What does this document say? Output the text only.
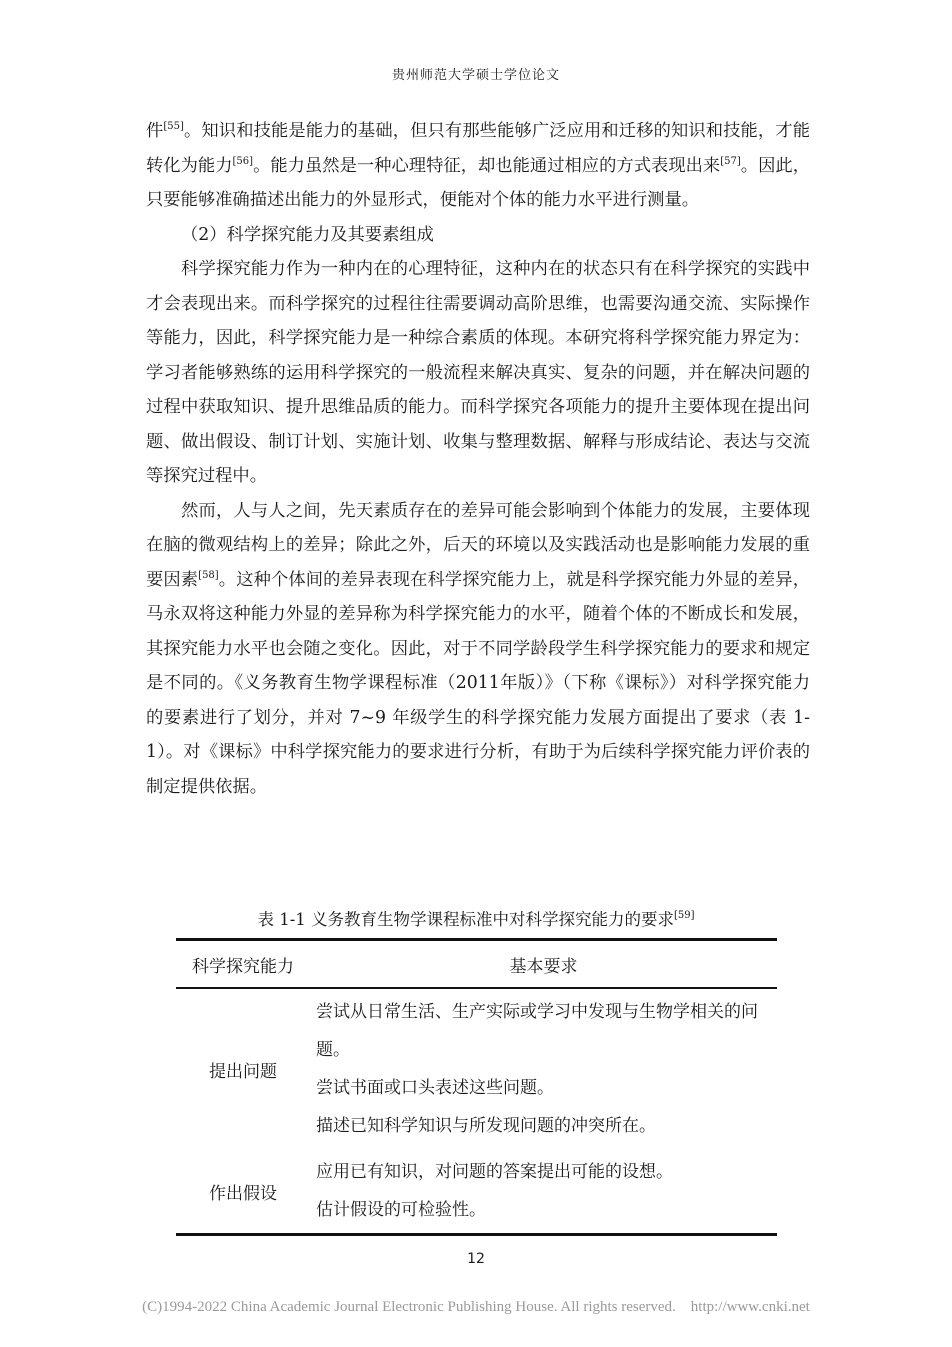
贵州师范大学硕士学位论文

件[55]。知识和技能是能力的基础，但只有那些能够广泛应用和迁移的知识和技能，才能转化为能力[56]。能力虽然是一种心理特征，却也能通过相应的方式表现出来[57]。因此，只要能够准确描述出能力的外显形式，便能对个体的能力水平进行测量。

（2）科学探究能力及其要素组成

科学探究能力作为一种内在的心理特征，这种内在的状态只有在科学探究的实践中才会表现出来。而科学探究的过程往往需要调动高阶思维，也需要沟通交流、实际操作等能力，因此，科学探究能力是一种综合素质的体现。本研究将科学探究能力界定为：学习者能够熟练的运用科学探究的一般流程来解决真实、复杂的问题，并在解决问题的过程中获取知识、提升思维品质的能力。而科学探究各项能力的提升主要体现在提出问题、做出假设、制订计划、实施计划、收集与整理数据、解释与形成结论、表达与交流等探究过程中。

然而，人与人之间，先天素质存在的差异可能会影响到个体能力的发展，主要体现在脑的微观结构上的差异；除此之外，后天的环境以及实践活动也是影响能力发展的重要因素[58]。这种个体间的差异表现在科学探究能力上，就是科学探究能力外显的差异，马永双将这种能力外显的差异称为科学探究能力的水平，随着个体的不断成长和发展，其探究能力水平也会随之变化。因此，对于不同学龄段学生科学探究能力的要求和规定是不同的。《义务教育生物学课程标准（2011年版）》（下称《课标》）对科学探究能力的要素进行了划分，并对 7~9 年级学生的科学探究能力发展方面提出了要求（表 1-1）。对《课标》中科学探究能力的要求进行分析，有助于为后续科学探究能力评价表的制定提供依据。

表 1-1 义务教育生物学课程标准中对科学探究能力的要求[59]
科学探究能力	基本要求
提出问题	尝试从日常生活、生产实际或学习中发现与生物学相关的问题。
尝试书面或口头表述这些问题。
描述已知科学知识与所发现问题的冲突所在。

作出假设	应用已有知识，对问题的答案提出可能的设想。
估计假设的可检验性。
12
(C)1994-2022 China Academic Journal Electronic Publishing House. All rights reserved.    http://www.cnki.net
